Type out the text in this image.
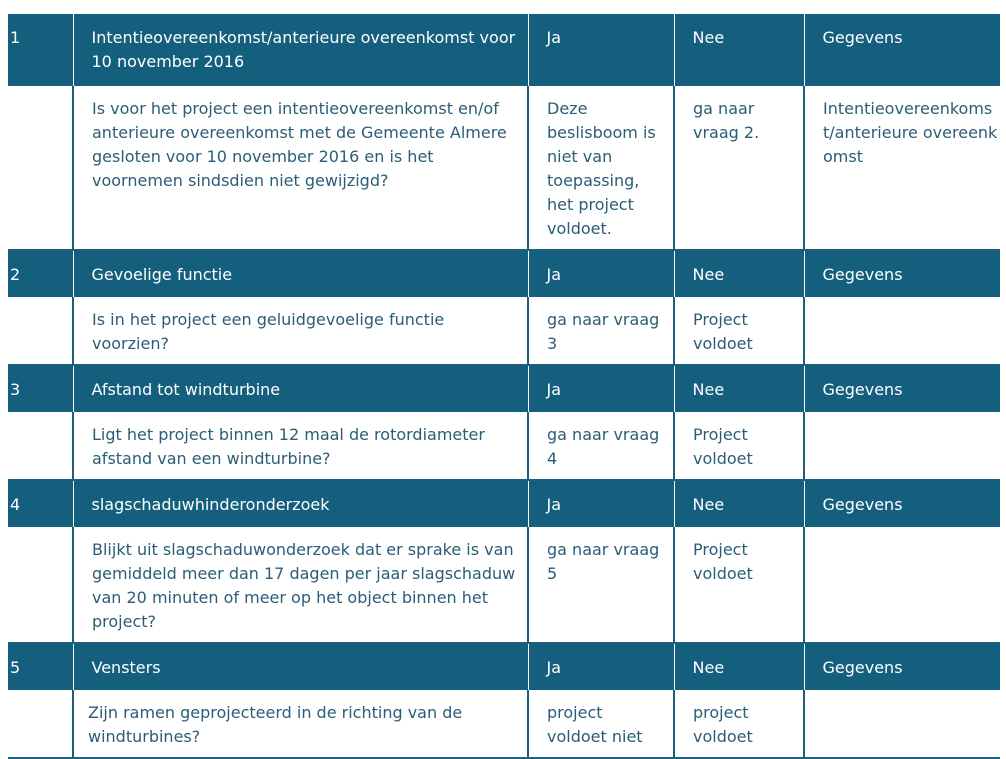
1	Intentieovereenkomst/anterieure overeenkomst voor 10 november 2016	Ja	Nee	Gegevens
	Is voor het project een intentieovereenkomst en/of anterieure overeenkomst met de Gemeente Almere gesloten voor 10 november 2016 en is het voornemen sindsdien niet gewijzigd?	Deze beslisboom is niet van toepassing, het project voldoet.	ga naar vraag 2.	Intentieovereenkomst/anterieure overeenkomst
2	Gevoelige functie	Ja	Nee	Gegevens
	Is in het project een geluidgevoelige functie voorzien?	ga naar vraag 3	Project voldoet	
3	Afstand tot windturbine	Ja	Nee	Gegevens
	Ligt het project binnen 12 maal de rotordiameter afstand van een windturbine?	ga naar vraag 4	Project voldoet	
4	slagschaduwhinderonderzoek	Ja	Nee	Gegevens
	Blijkt uit slagschaduwonderzoek dat er sprake is van gemiddeld meer dan 17 dagen per jaar slagschaduw van 20 minuten of meer op het object binnen het project?	ga naar vraag 5	Project voldoet	
5	Vensters	Ja	Nee	Gegevens
	Zijn ramen geprojecteerd in de richting van de windturbines?	project voldoet niet	project voldoet	
